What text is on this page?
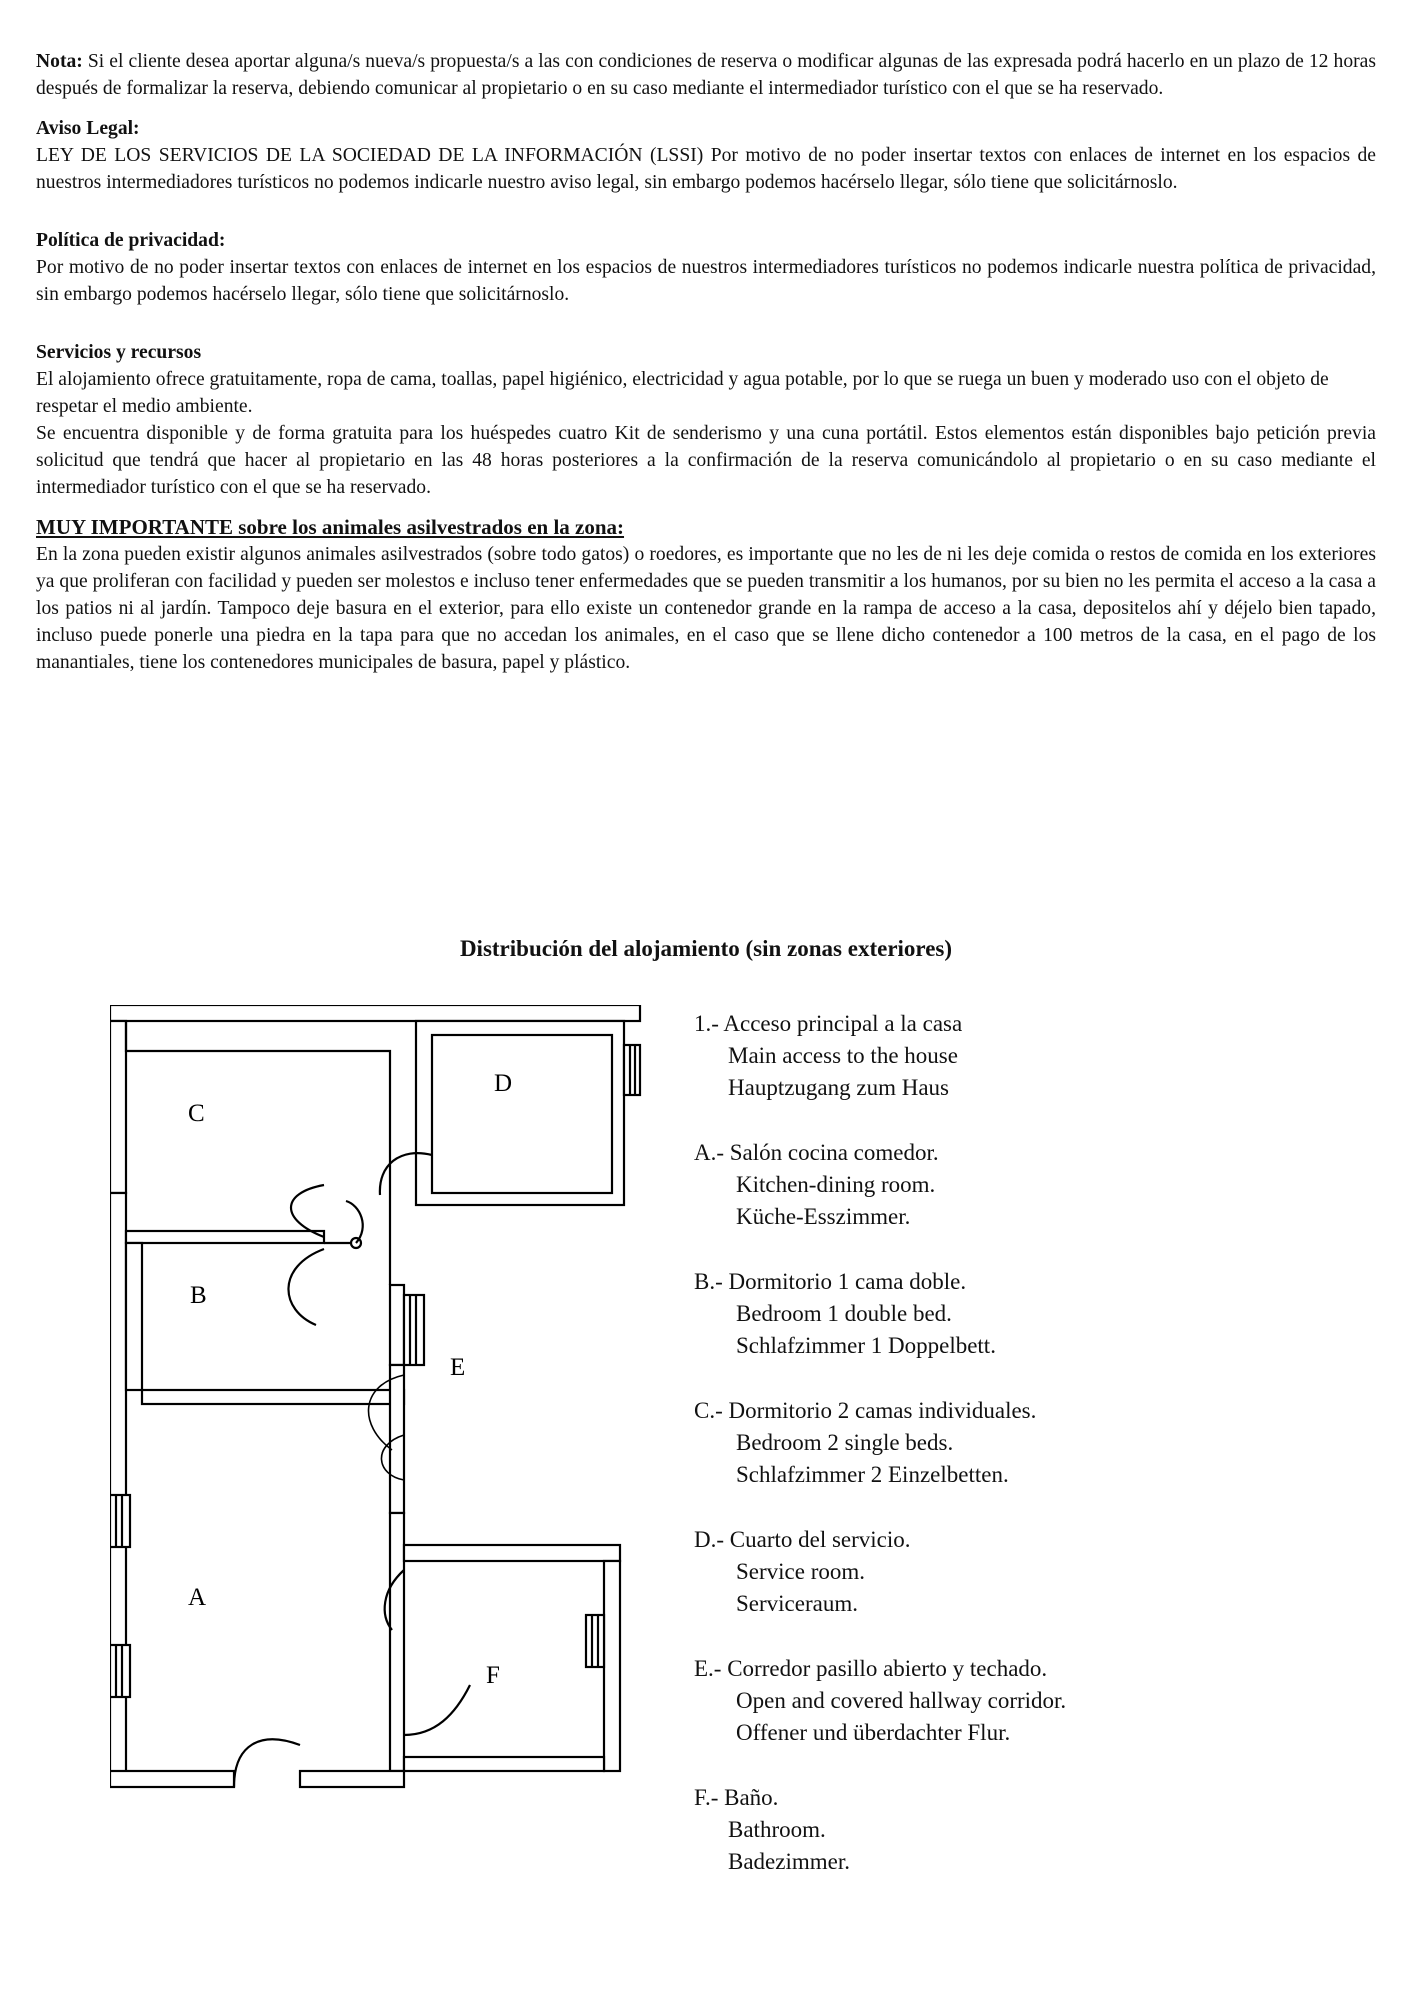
Nota: Si el cliente desea aportar alguna/s nueva/s propuesta/s a las con condiciones de reserva o modificar algunas de las expresada podrá hacerlo en un plazo de 12 horas después de formalizar la reserva, debiendo comunicar al propietario o en su caso mediante el intermediador turístico con el que se ha reservado.

Aviso Legal:

LEY DE LOS SERVICIOS DE LA SOCIEDAD DE LA INFORMACIÓN (LSSI) Por motivo de no poder insertar textos con enlaces de internet en los espacios de nuestros intermediadores turísticos no podemos indicarle nuestro aviso legal, sin embargo podemos hacérselo llegar, sólo tiene que solicitárnoslo.

Política de privacidad:

Por motivo de no poder insertar textos con enlaces de internet en los espacios de nuestros intermediadores turísticos no podemos indicarle nuestra política de privacidad, sin embargo podemos hacérselo llegar, sólo tiene que solicitárnoslo.

Servicios y recursos

El alojamiento ofrece gratuitamente, ropa de cama, toallas, papel higiénico, electricidad y agua potable, por lo que se ruega un buen y moderado uso con el objeto de respetar el medio ambiente.

Se encuentra disponible y de forma gratuita para los huéspedes cuatro Kit de senderismo y una cuna portátil. Estos elementos están disponibles bajo petición previa solicitud que tendrá que hacer al propietario en las 48 horas posteriores a la confirmación de la reserva comunicándolo al propietario o en su caso mediante el intermediador turístico con el que se ha reservado.

MUY IMPORTANTE sobre los animales asilvestrados en la zona:

En la zona pueden existir algunos animales asilvestrados (sobre todo gatos) o roedores, es importante que no les de ni les deje comida o restos de comida en los exteriores ya que proliferan con facilidad y pueden ser molestos e incluso tener enfermedades que se pueden transmitir a los humanos, por su bien no les permita el acceso a la casa a los patios ni al jardín. Tampoco deje basura en el exterior, para ello existe un contenedor grande en la rampa de acceso a la casa, depositelos ahí y déjelo bien tapado, incluso puede ponerle una piedra en la tapa para que no accedan los animales, en el caso que se llene dicho contenedor a 100 metros de la casa, en el pago de los manantiales, tiene los contenedores municipales de basura, papel y plástico.

Distribución del alojamiento (sin zonas exteriores)
C
D
B
E
A
F
1.- Acceso principal a la casa
Main access to the house
Hauptzugang zum Haus
A.- Salón cocina comedor.
Kitchen-dining room.
Küche-Esszimmer.
B.- Dormitorio 1 cama doble.
Bedroom 1 double bed.
Schlafzimmer 1 Doppelbett.
C.- Dormitorio 2 camas individuales.
Bedroom 2 single beds.
Schlafzimmer 2 Einzelbetten.
D.- Cuarto del servicio.
Service room.
Serviceraum.
E.- Corredor pasillo abierto y techado.
Open and covered hallway corridor.
Offener und überdachter Flur.
F.- Baño.
Bathroom.
Badezimmer.
